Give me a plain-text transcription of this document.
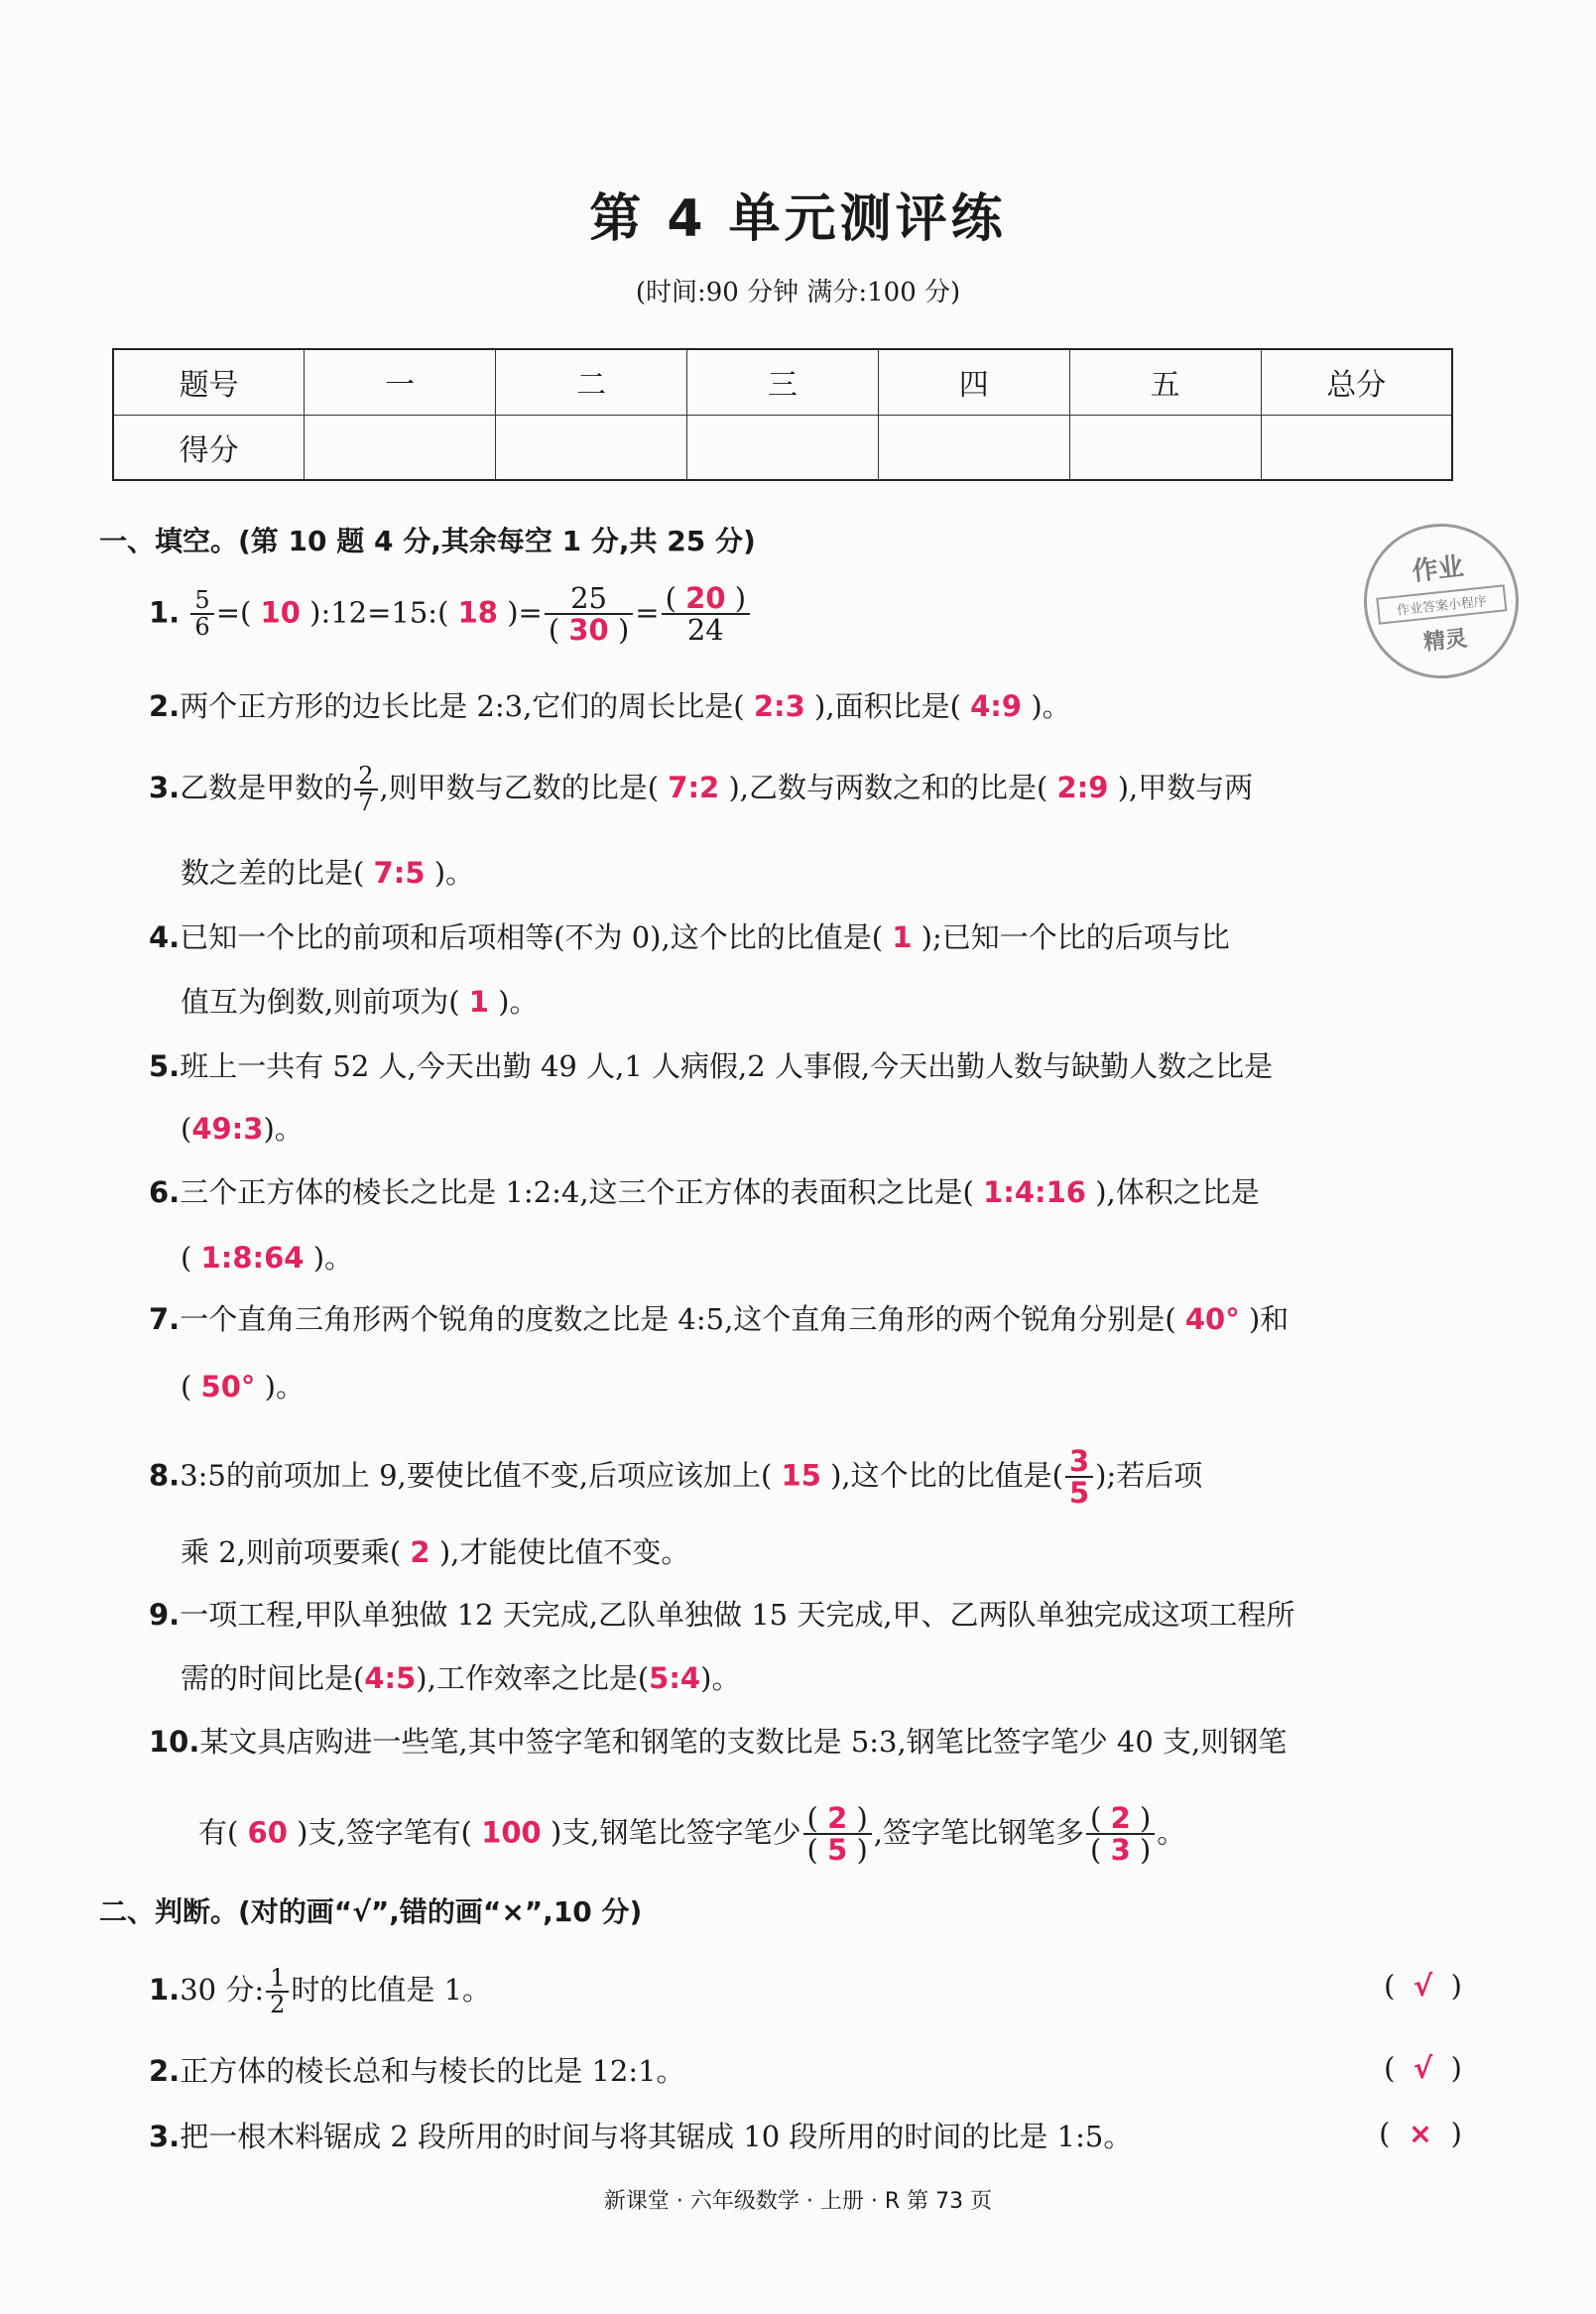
第 4 单元测评练
(时间:90 分钟 满分:100 分)
题号	一	二	三	四	五	总分
得分						
作业
作业答案小程序
精灵
一、填空。(第 10 题 4 分,其余每空 1 分,共 25 分)
1. $\frac{5}{6}$ =( 10 ):12=15:( 18 )= $\frac{25}{( 30 )} = \frac{( 20 )}{24}$
2.两个正方形的边长比是 2:3,它们的周长比是( 2:3 ),面积比是( 4:9 )。
3.乙数是甲数的 $\frac{2}{7}$ ,则甲数与乙数的比是( 7:2 ),乙数与两数之和的比是( 2:9 ),甲数与两
数之差的比是( 7:5 )。
4.已知一个比的前项和后项相等(不为 0),这个比的比值是( 1 );已知一个比的后项与比
值互为倒数,则前项为( 1 )。
5.班上一共有 52 人,今天出勤 49 人,1 人病假,2 人事假,今天出勤人数与缺勤人数之比是
(49:3)。
6.三个正方体的棱长之比是 1:2:4,这三个正方体的表面积之比是( 1:4:16 ),体积之比是
( 1:8:64 )。
7.一个直角三角形两个锐角的度数之比是 4:5,这个直角三角形的两个锐角分别是( 40° )和
( 50° )。
8.3:5的前项加上 9,要使比值不变,后项应该加上( 15 ),这个比的比值是( $\frac{3}{5}$ );若后项
乘 2,则前项要乘( 2 ),才能使比值不变。
9.一项工程,甲队单独做 12 天完成,乙队单独做 15 天完成,甲、乙两队单独完成这项工程所
需的时间比是(4:5),工作效率之比是(5:4)。
10.某文具店购进一些笔,其中签字笔和钢笔的支数比是 5:3,钢笔比签字笔少 40 支,则钢笔
有( 60 )支,签字笔有( 100 )支,钢笔比签字笔少 $\frac{( 2 )}{( 5 )}$ ,签字笔比钢笔多 $\frac{( 2 )}{( 3 )}$ 。
二、判断。(对的画“√”,错的画“×”,10 分)
1.30 分: $\frac{1}{2}$ 时的比值是 1。	( √ )
2.正方体的棱长总和与棱长的比是 12:1。	( √ )
3.把一根木料锯成 2 段所用的时间与将其锯成 10 段所用的时间的比是 1:5。	( × )
新课堂 · 六年级数学 · 上册 · R 第 73 页
